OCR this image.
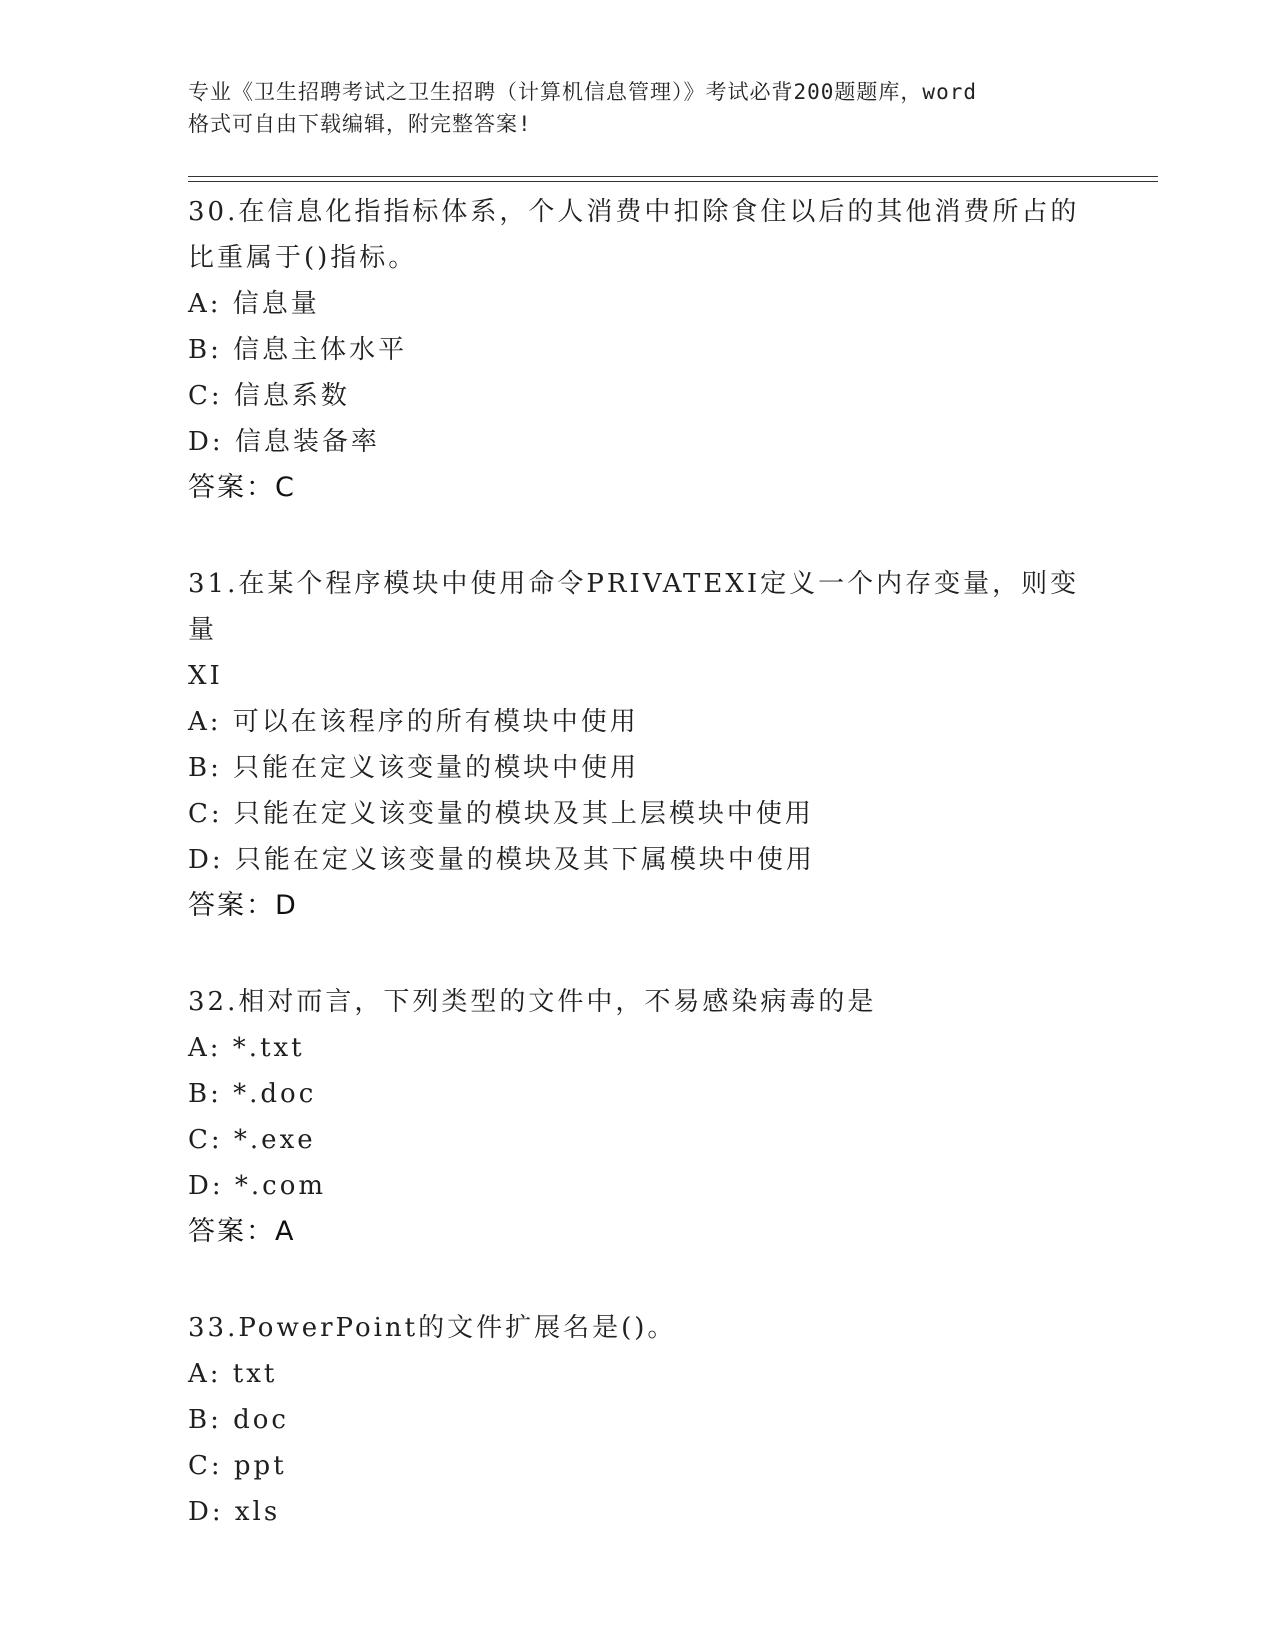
专业《卫生招聘考试之卫生招聘（计算机信息管理）》考试必背200题题库，word
格式可自由下载编辑，附完整答案!
30.在信息化指指标体系，个人消费中扣除食住以后的其他消费所占的
比重属于()指标。
A: 信息量
B: 信息主体水平
C: 信息系数
D: 信息装备率
答案：C
31.在某个程序模块中使用命令PRIVATEXI定义一个内存变量，则变量
XI
A: 可以在该程序的所有模块中使用
B: 只能在定义该变量的模块中使用
C: 只能在定义该变量的模块及其上层模块中使用
D: 只能在定义该变量的模块及其下属模块中使用
答案：D
32.相对而言，下列类型的文件中，不易感染病毒的是
A: *.txt
B: *.doc
C: *.exe
D: *.com
答案：A
33.PowerPoint的文件扩展名是()。
A: txt
B: doc
C: ppt
D: xls
